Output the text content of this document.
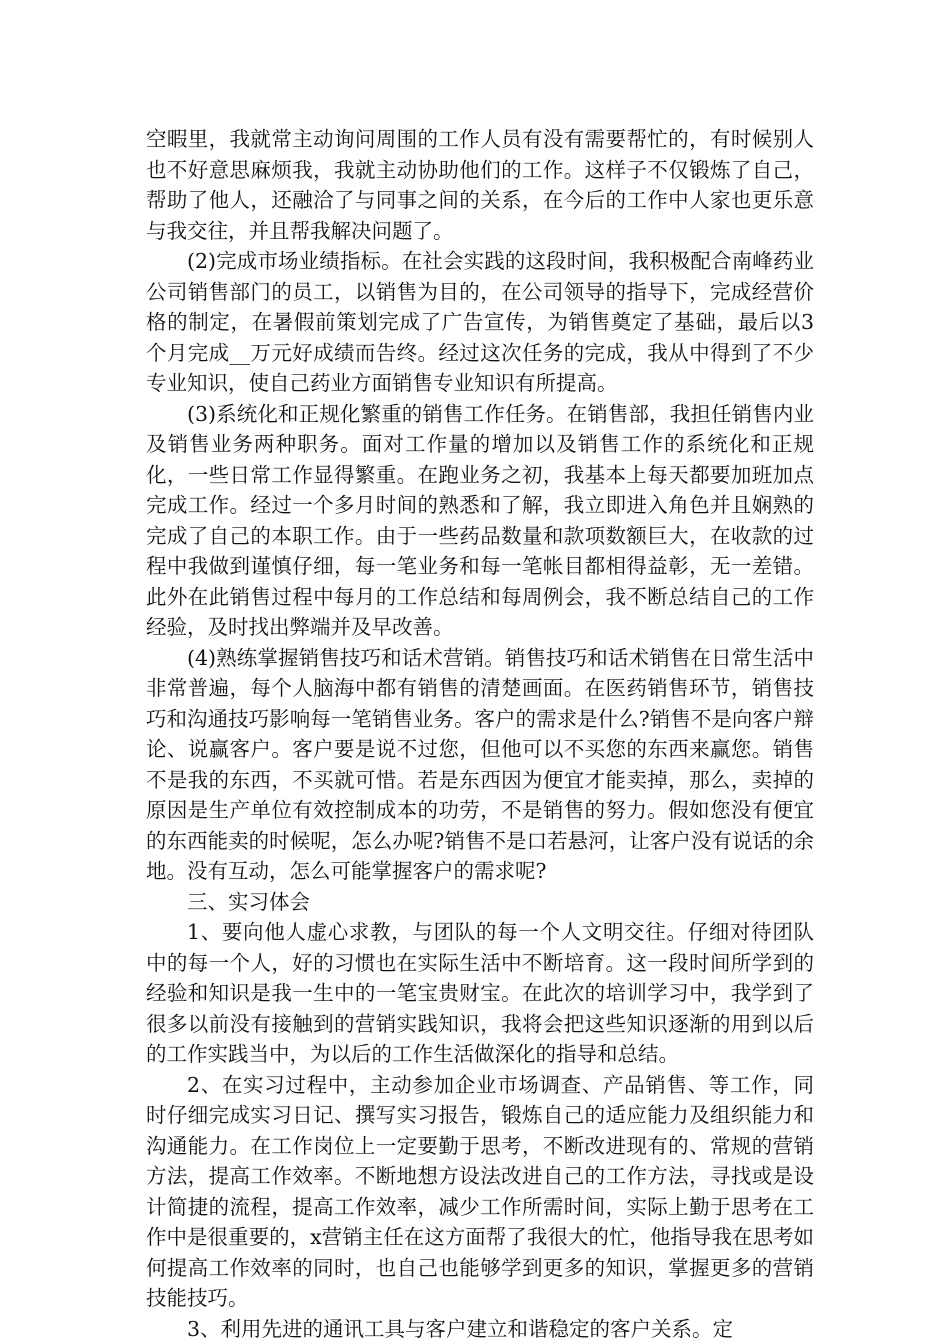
空暇里，我就常主动询问周围的工作人员有没有需要帮忙的，有时候别人也不好意思麻烦我，我就主动协助他们的工作。这样子不仅锻炼了自己，帮助了他人，还融洽了与同事之间的关系，在今后的工作中人家也更乐意与我交往，并且帮我解决问题了。

(2)完成市场业绩指标。在社会实践的这段时间，我积极配合南峰药业公司销售部门的员工，以销售为目的，在公司领导的指导下，完成经营价格的制定，在暑假前策划完成了广告宣传，为销售奠定了基础，最后以3个月完成__万元好成绩而告终。经过这次任务的完成，我从中得到了不少专业知识，使自己药业方面销售专业知识有所提高。

(3)系统化和正规化繁重的销售工作任务。在销售部，我担任销售内业及销售业务两种职务。面对工作量的增加以及销售工作的系统化和正规化，一些日常工作显得繁重。在跑业务之初，我基本上每天都要加班加点完成工作。经过一个多月时间的熟悉和了解，我立即进入角色并且娴熟的完成了自己的本职工作。由于一些药品数量和款项数额巨大，在收款的过程中我做到谨慎仔细，每一笔业务和每一笔帐目都相得益彰，无一差错。此外在此销售过程中每月的工作总结和每周例会，我不断总结自己的工作经验，及时找出弊端并及早改善。

(4)熟练掌握销售技巧和话术营销。销售技巧和话术销售在日常生活中非常普遍，每个人脑海中都有销售的清楚画面。在医药销售环节，销售技巧和沟通技巧影响每一笔销售业务。客户的需求是什么?销售不是向客户辩论、说赢客户。客户要是说不过您，但他可以不买您的东西来赢您。销售不是我的东西，不买就可惜。若是东西因为便宜才能卖掉，那么，卖掉的原因是生产单位有效控制成本的功劳，不是销售的努力。假如您没有便宜的东西能卖的时候呢，怎么办呢?销售不是口若悬河，让客户没有说话的余地。没有互动，怎么可能掌握客户的需求呢?

三、实习体会

1、要向他人虚心求教，与团队的每一个人文明交往。仔细对待团队中的每一个人，好的习惯也在实际生活中不断培育。这一段时间所学到的经验和知识是我一生中的一笔宝贵财宝。在此次的培训学习中，我学到了很多以前没有接触到的营销实践知识，我将会把这些知识逐渐的用到以后的工作实践当中，为以后的工作生活做深化的指导和总结。

2、在实习过程中，主动参加企业市场调查、产品销售、等工作，同时仔细完成实习日记、撰写实习报告，锻炼自己的适应能力及组织能力和沟通能力。在工作岗位上一定要勤于思考，不断改进现有的、常规的营销方法，提高工作效率。不断地想方设法改进自己的工作方法，寻找或是设计简捷的流程，提高工作效率，减少工作所需时间，实际上勤于思考在工作中是很重要的，x营销主任在这方面帮了我很大的忙，他指导我在思考如何提高工作效率的同时，也自己也能够学到更多的知识，掌握更多的营销技能技巧。

3、利用先进的通讯工具与客户建立和谐稳定的客户关系。定
